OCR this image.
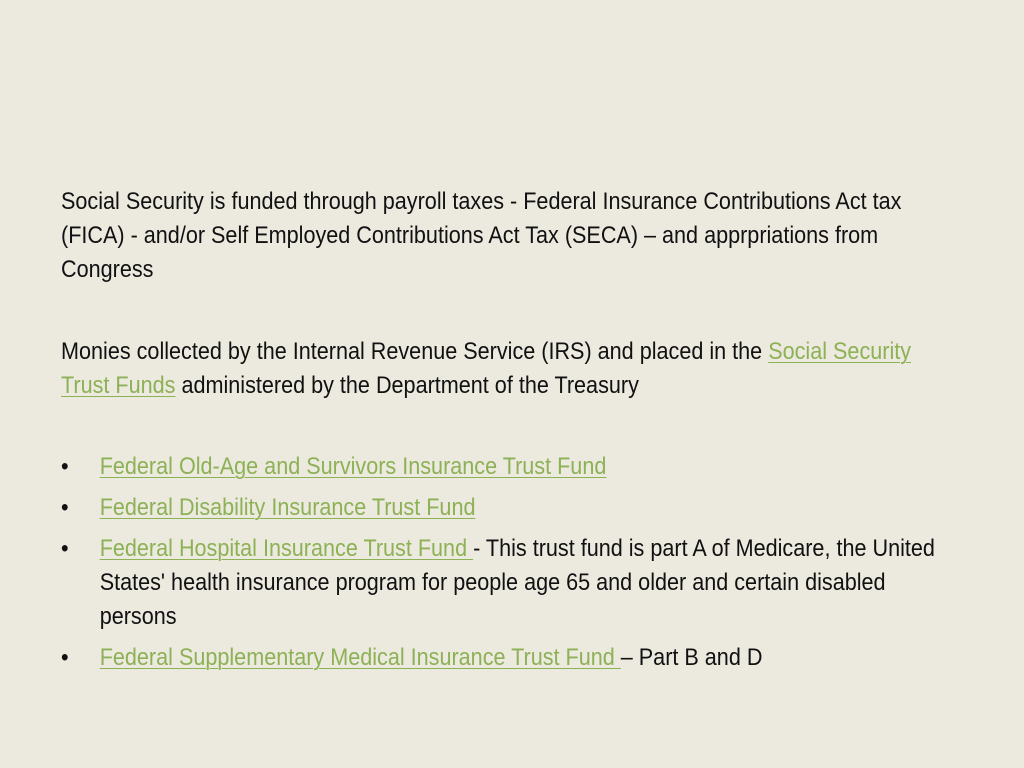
Social Security is funded through payroll taxes - Federal Insurance Contributions Act tax (FICA) - and/or Self Employed Contributions Act Tax (SECA) – and apprpriations from Congress

Monies collected by the Internal Revenue Service (IRS) and placed in the Social Security Trust Funds administered by the Department of the Treasury

• Federal Old-Age and Survivors Insurance Trust Fund
• Federal Disability Insurance Trust Fund
• Federal Hospital Insurance Trust Fund - This trust fund is part A of Medicare, the United States' health insurance program for people age 65 and older and certain disabled persons
• Federal Supplementary Medical Insurance Trust Fund – Part B and D
